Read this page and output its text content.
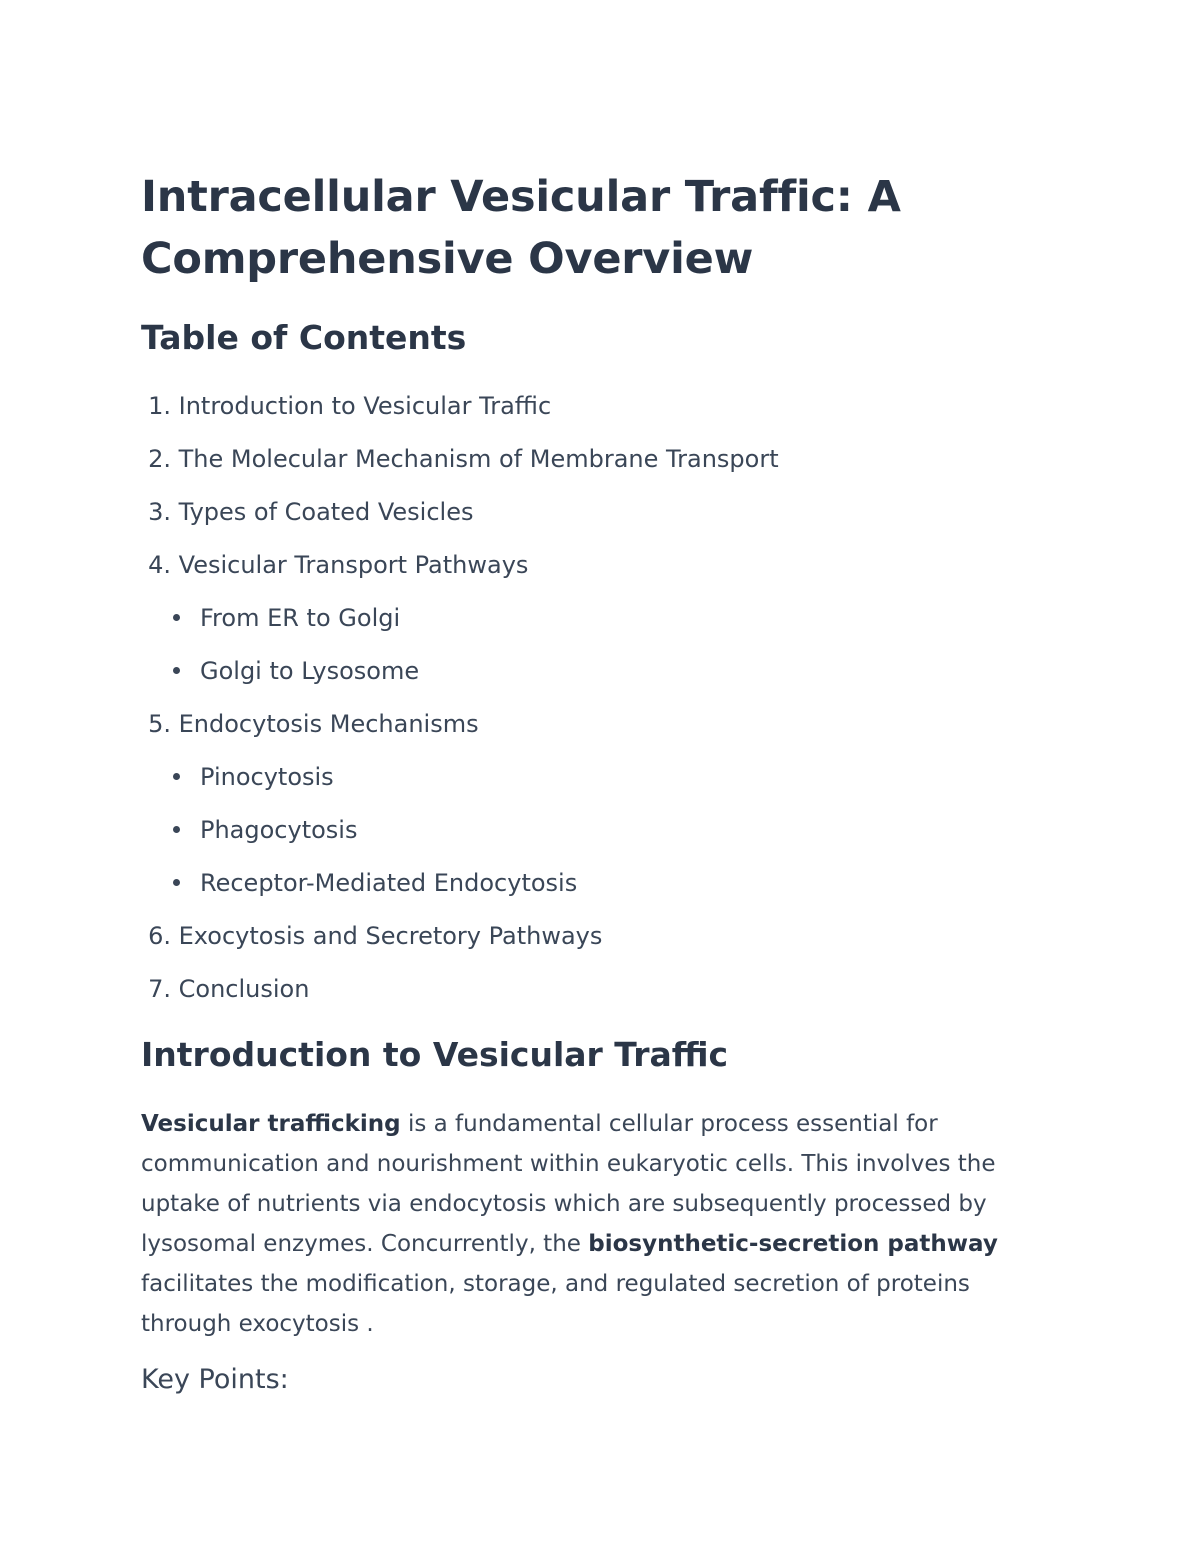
Intracellular Vesicular Traffic: A Comprehensive Overview
Table of Contents
1. Introduction to Vesicular Traffic
2. The Molecular Mechanism of Membrane Transport
3. Types of Coated Vesicles
4. Vesicular Transport Pathways
From ER to Golgi
Golgi to Lysosome
5. Endocytosis Mechanisms
Pinocytosis
Phagocytosis
Receptor-Mediated Endocytosis
6. Exocytosis and Secretory Pathways
7. Conclusion
Introduction to Vesicular Traffic

Vesicular trafficking is a fundamental cellular process essential for communication and nourishment within eukaryotic cells. This involves the uptake of nutrients via endocytosis which are subsequently processed by lysosomal enzymes. Concurrently, the biosynthetic-secretion pathway facilitates the modification, storage, and regulated secretion of proteins through exocytosis .

Key Points:
